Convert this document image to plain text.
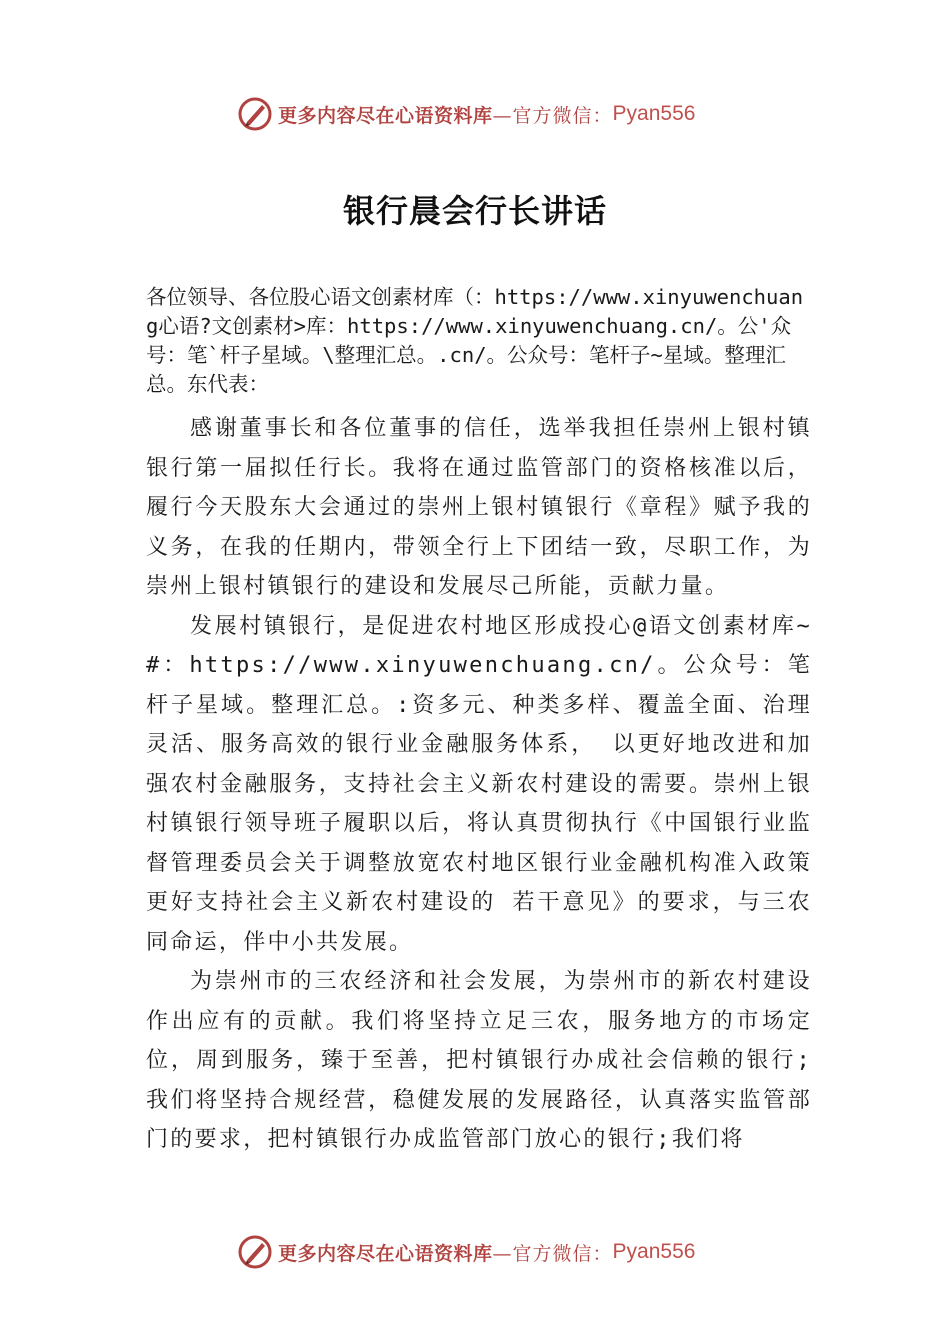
更多内容尽在心语资料库 —官方微信： Pyan556
银行晨会行长讲话

各位领导、各位股心语文创素材库（：https://www.xinyuwenchuang心语?文创素材>库：https://www.xinyuwenchuang.cn/。公'众号：笔`杆子星域。\整理汇总。.cn/。公众号：笔杆子~星域。整理汇总。东代表：

感谢董事长和各位董事的信任，选举我担任崇州上银村镇银行第一届拟任行长。我将在通过监管部门的资格核准以后，履行今天股东大会通过的崇州上银村镇银行《章程》赋予我的义务，在我的任期内，带领全行上下团结一致，尽职工作，为崇州上银村镇银行的建设和发展尽己所能，贡献力量。

发展村镇银行，是促进农村地区形成投心@语文创素材库~#：https://www.xinyuwenchuang.cn/。公众号：笔杆子星域。整理汇总。:资多元、种类多样、覆盖全面、治理灵活、服务高效的银行业金融服务体系， 以更好地改进和加强农村金融服务，支持社会主义新农村建设的需要。崇州上银村镇银行领导班子履职以后，将认真贯彻执行《中国银行业监督管理委员会关于调整放宽农村地区银行业金融机构准入政策更好支持社会主义新农村建设的 若干意见》的要求，与三农同命运，伴中小共发展。

为崇州市的三农经济和社会发展，为崇州市的新农村建设作出应有的贡献。我们将坚持立足三农，服务地方的市场定位，周到服务，臻于至善，把村镇银行办成社会信赖的银行;我们将坚持合规经营，稳健发展的发展路径，认真落实监管部门的要求，把村镇银行办成监管部门放心的银行;我们将

更多内容尽在心语资料库 —官方微信： Pyan556
